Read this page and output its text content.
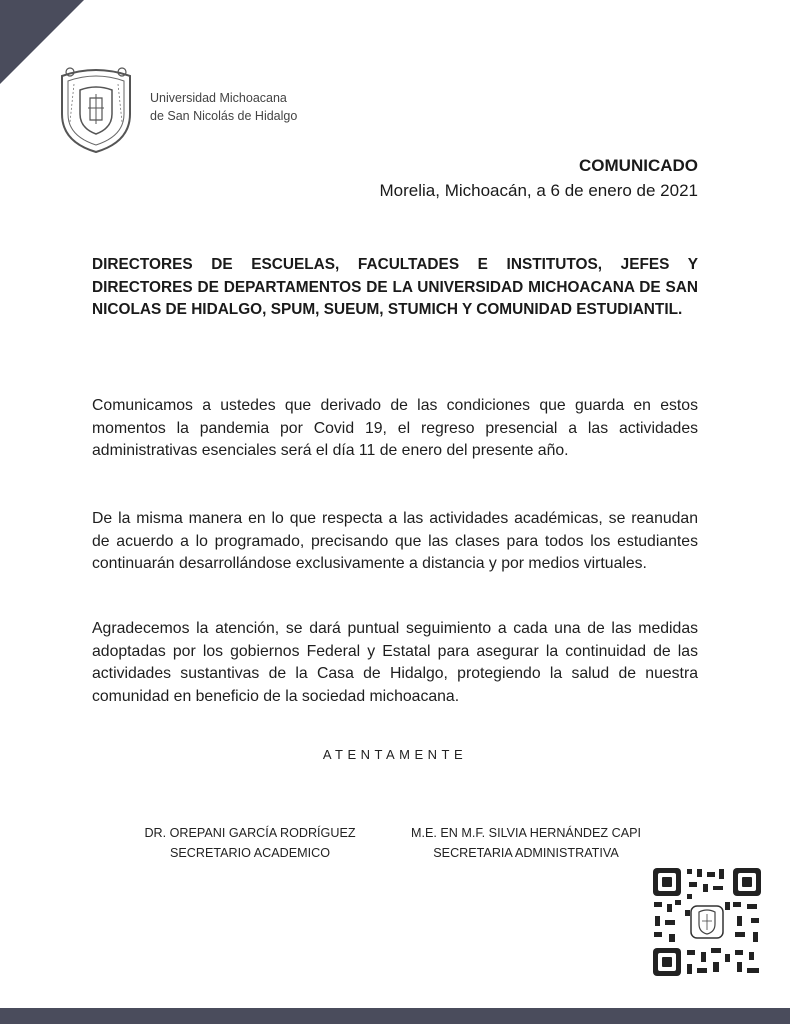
Universidad Michoacana
de San Nicolás de Hidalgo
COMUNICADO
Morelia, Michoacán, a 6 de enero de 2021

DIRECTORES DE ESCUELAS, FACULTADES E INSTITUTOS, JEFES Y DIRECTORES DE DEPARTAMENTOS DE LA UNIVERSIDAD MICHOACANA DE SAN NICOLAS DE HIDALGO, SPUM, SUEUM, STUMICH Y COMUNIDAD ESTUDIANTIL.

Comunicamos a ustedes que derivado de las condiciones que guarda en estos momentos la pandemia por Covid 19, el regreso presencial a las actividades administrativas esenciales será el día 11 de enero del presente año.

De la misma manera en lo que respecta a las actividades académicas, se reanudan de acuerdo a lo programado, precisando que las clases para todos los estudiantes continuarán desarrollándose exclusivamente a distancia y por medios virtuales.

Agradecemos la atención, se dará puntual seguimiento a cada una de las medidas adoptadas por los gobiernos Federal y Estatal para asegurar la continuidad de las actividades sustantivas de la Casa de Hidalgo, protegiendo la salud de nuestra comunidad en beneficio de la sociedad michoacana.

ATENTAMENTE
DR. OREPANI GARCÍA RODRÍGUEZ
SECRETARIO ACADEMICO
M.E. EN M.F. SILVIA HERNÁNDEZ CAPI
SECRETARIA ADMINISTRATIVA
